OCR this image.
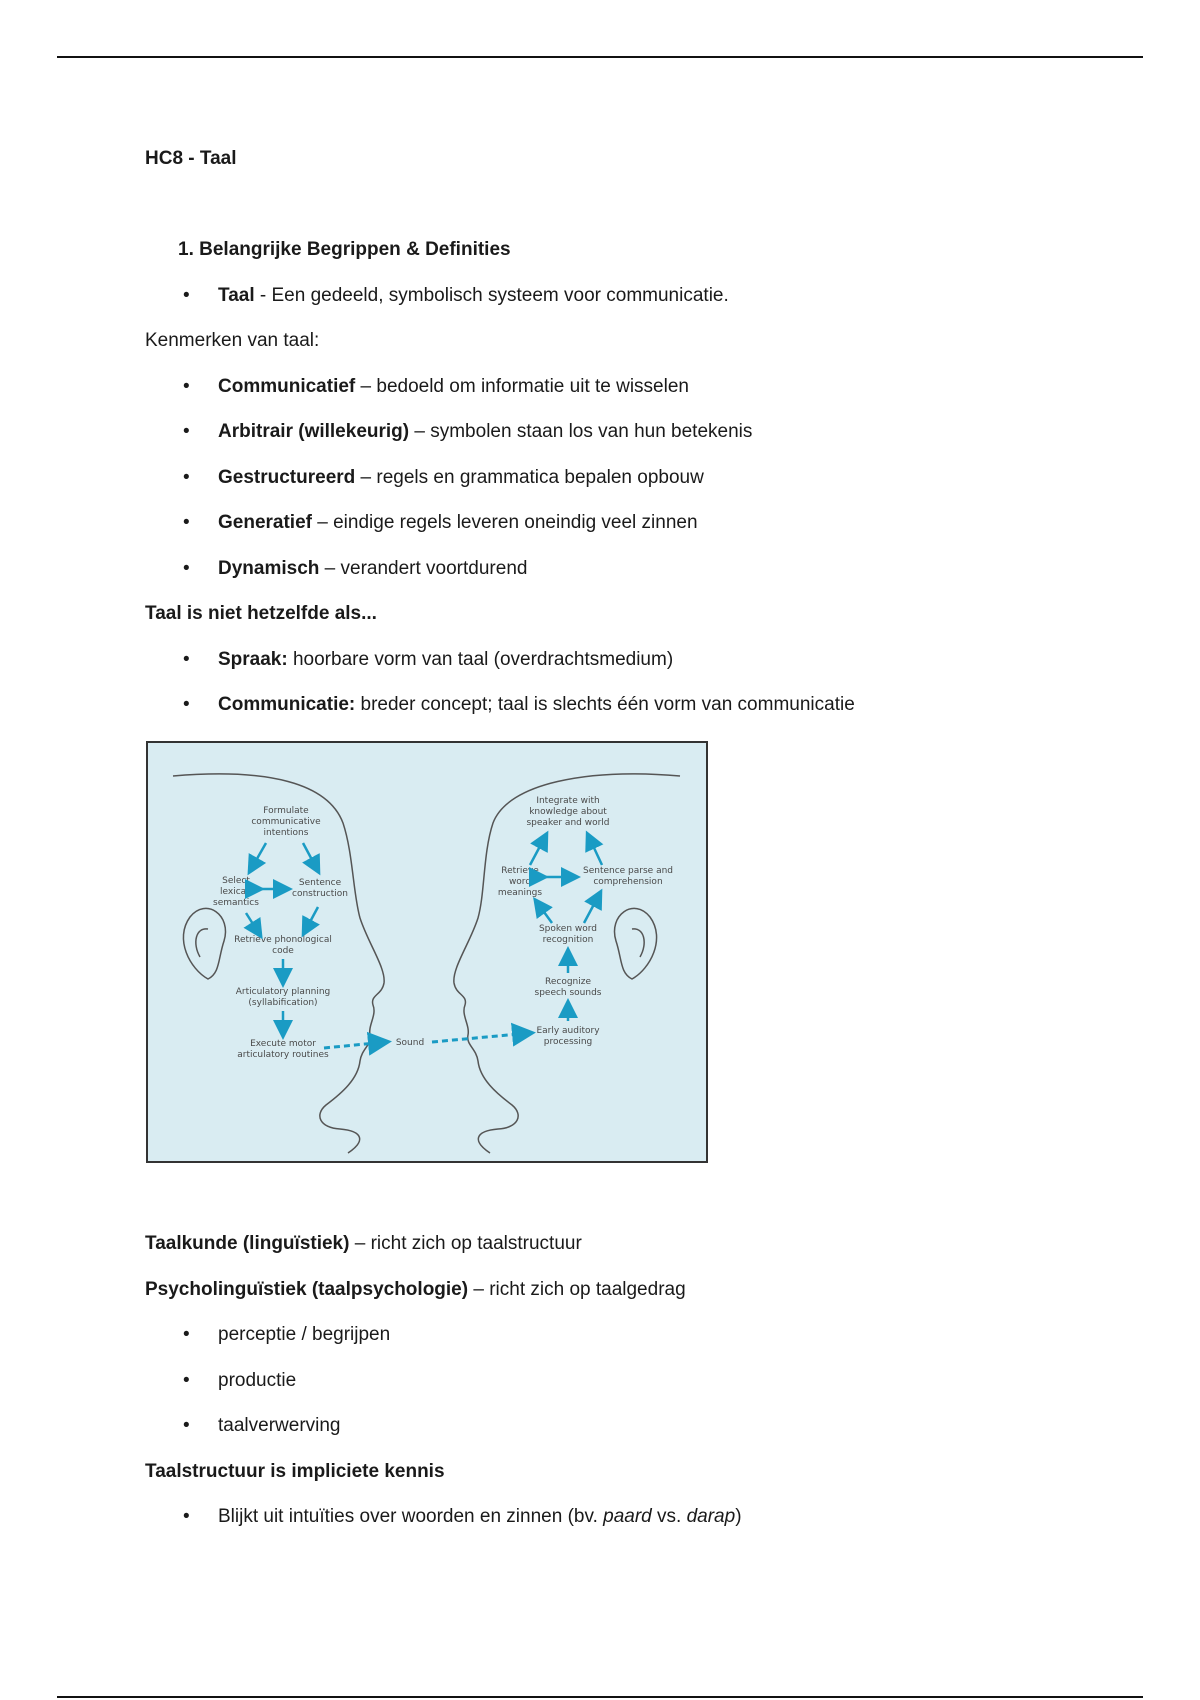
HC8 - Taal
1. Belangrijke Begrippen & Definities
• Taal - Een gedeeld, symbolisch systeem voor communicatie.
Kenmerken van taal:
• Communicatief – bedoeld om informatie uit te wisselen
• Arbitrair (willekeurig) – symbolen staan los van hun betekenis
• Gestructureerd – regels en grammatica bepalen opbouw
• Generatief – eindige regels leveren oneindig veel zinnen
• Dynamisch – verandert voortdurend
Taal is niet hetzelfde als...
• Spraak: hoorbare vorm van taal (overdrachtsmedium)
• Communicatie: breder concept; taal is slechts één vorm van communicatie
Formulate communicative intentions
Select lexical-semantics
Sentence construction
Retrieve phonological code
Articulatory planning (syllabification)
Execute motor articulatory routines
Sound
Integrate with knowledge about speaker and world
Retrieve word meanings
Sentence parse and comprehension
Spoken word recognition
Recognize speech sounds
Early auditory processing
Taalkunde (linguïstiek) – richt zich op taalstructuur
Psycholinguïstiek (taalpsychologie) – richt zich op taalgedrag
• perceptie / begrijpen
• productie
• taalverwerving
Taalstructuur is impliciete kennis
• Blijkt uit intuïties over woorden en zinnen (bv. paard vs. darap)
